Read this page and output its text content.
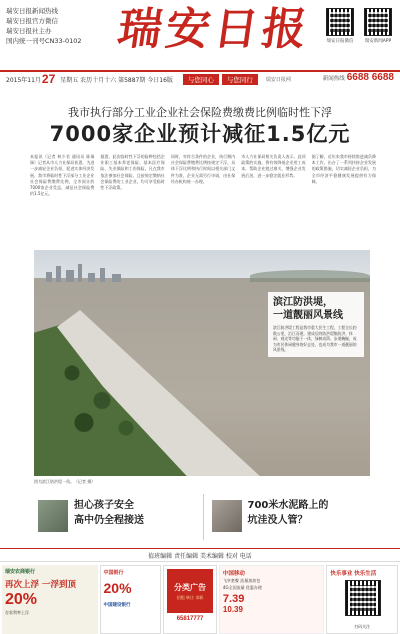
瑞安日报新闻热线
瑞安日报官方微信
瑞安日报社主办
国内统一刊号CN33-0102 瑞安日报	瑞安日报微信	瑞安新闻APP
2015年11月 27 星期五 农历十月十六 第5887期 今日16版	与您同心	与您同行	瑞安日报网	新闻热线 6688 6688
我市执行部分工业企业社会保险费缴费比例临时性下浮
7000家企业预计减征1.5亿元
本报讯（记者 林少君 通讯员 陈瑞瑞）记者从市人力社保局获悉，为进一步减轻企业负担，促进实体经济发展，我市将临时性下浮部分工业企业社会保险费缴费比例，全市预计约7000家企业受益，减征社会保险费约1.5亿元。
据悉，此次临时性下浮的险种包括企业职工基本养老保险、基本医疗保险、失业保险和工伤保险。凡在我市依法参加社会保险，且按规定缴纳社会保险费的工业企业，均可享受临时性下浮政策。
同时，对符合条件的企业，执行期内社会保险费缴费比例按规定下浮，具体下浮比例和执行时间以相关部门文件为准，企业无需另行申请，由社保经办机构统一办理。
市人力社保局相关负责人表示，此项政策的实施，将有效降低企业用工成本，帮助企业渡过难关，增强企业发展后劲，进一步稳定就业形势。
据了解，近年来我市持续推进减负降本工作，出台了一系列扶持企业发展的政策措施，切实减轻企业负担，为全市经济平稳健康发展提供有力保障。
滨江防洪堤，
一道靓丽风景线
滨江防洪堤工程是我市重大民生工程，工程全长约数公里，沿江而建。建成后的防洪堤集防洪、休闲、观光等功能于一体，绿树成荫、步道蜿蜒，成为市民休闲健身的好去处，也成为我市一道靓丽的风景线。
图为滨江防洪堤一角。（记者 摄）
担心孩子安全
高中仍全程接送
700米水泥路上的
坑洼没人管？
值班编辑 责任编辑 美术编辑 校对 电话
瑞安农商银行
再次上浮 一浮到顶
20%
存款利率上浮
中国银行
20%
中国建设银行
分类广告
招租 转让 求职
65817777
中国移动
飞享套餐 流量加油包
4G全国流量 优惠办理
7.39
10.39
快乐事业 快乐生活
扫码关注
